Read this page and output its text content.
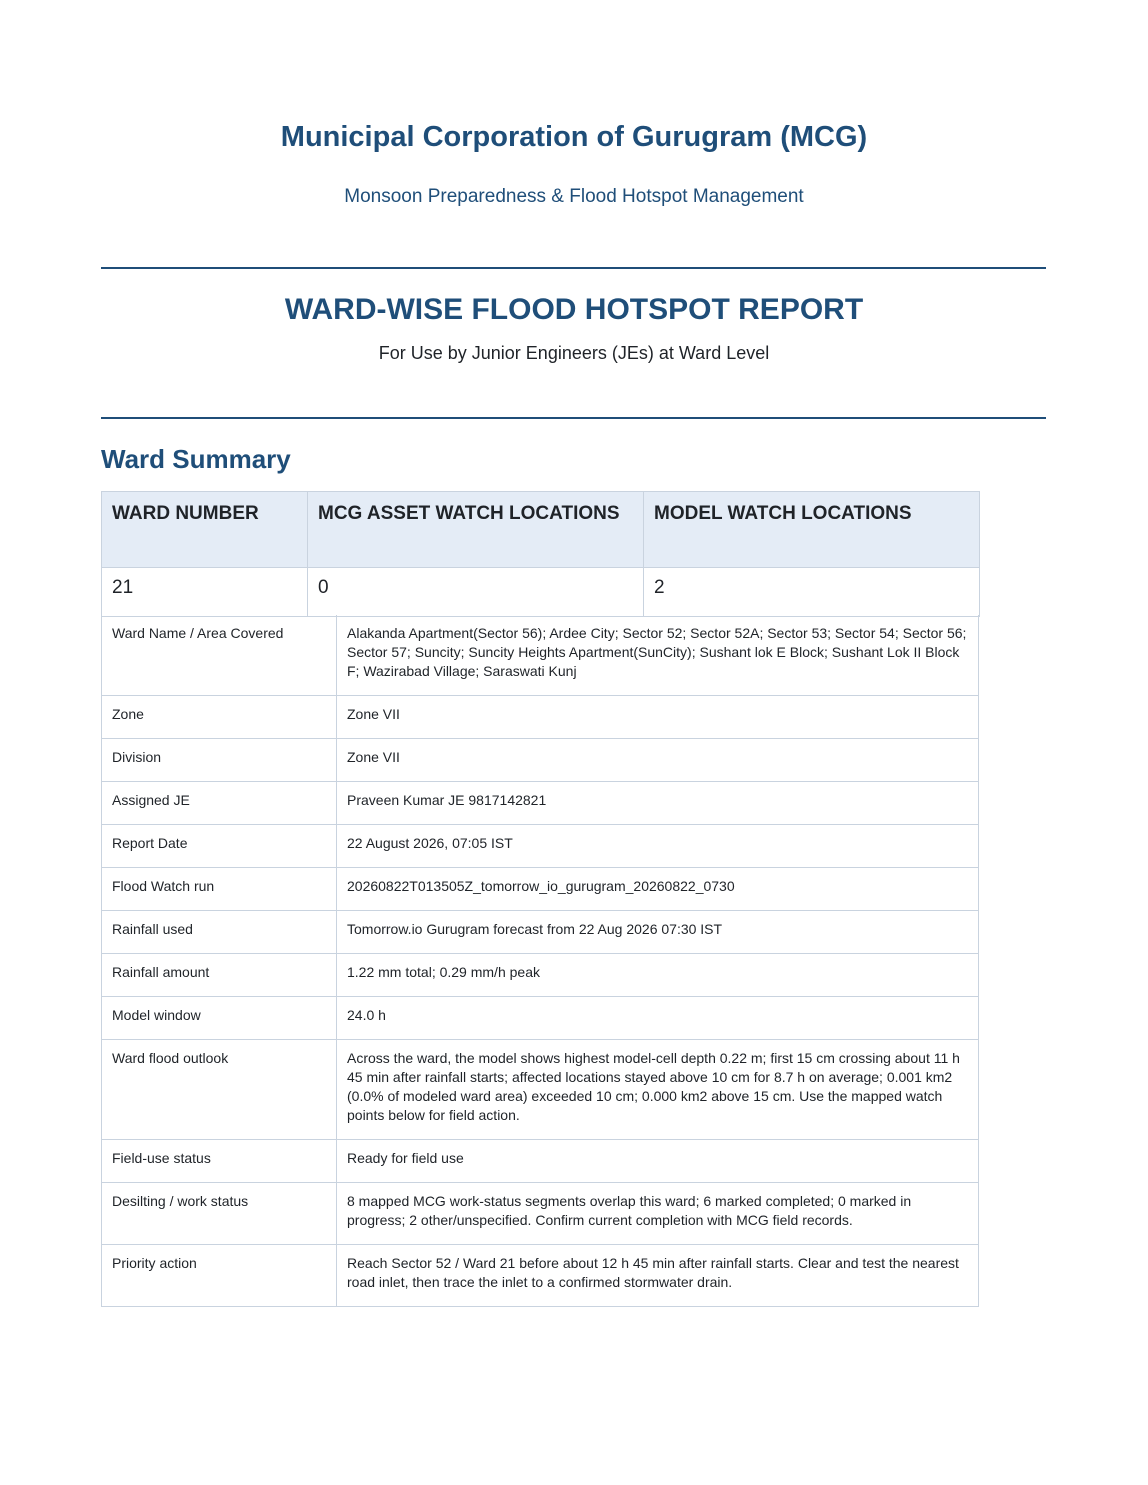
Municipal Corporation of Gurugram (MCG)
Monsoon Preparedness & Flood Hotspot Management
WARD-WISE FLOOD HOTSPOT REPORT
For Use by Junior Engineers (JEs) at Ward Level
Ward Summary
WARD NUMBER	MCG ASSET WATCH LOCATIONS	MODEL WATCH LOCATIONS
21	0	2
Ward Name / Area Covered	Alakanda Apartment(Sector 56); Ardee City; Sector 52; Sector 52A; Sector 53; Sector 54; Sector 56; Sector 57; Suncity; Suncity Heights Apartment(SunCity); Sushant lok E Block; Sushant Lok II Block F; Wazirabad Village; Saraswati Kunj
Zone	Zone VII
Division	Zone VII
Assigned JE	Praveen Kumar JE 9817142821
Report Date	22 August 2026, 07:05 IST
Flood Watch run	20260822T013505Z_tomorrow_io_gurugram_20260822_0730
Rainfall used	Tomorrow.io Gurugram forecast from 22 Aug 2026 07:30 IST
Rainfall amount	1.22 mm total; 0.29 mm/h peak
Model window	24.0 h
Ward flood outlook	Across the ward, the model shows highest model-cell depth 0.22 m; first 15 cm crossing about 11 h 45 min after rainfall starts; affected locations stayed above 10 cm for 8.7 h on average; 0.001 km2 (0.0% of modeled ward area) exceeded 10 cm; 0.000 km2 above 15 cm. Use the mapped watch points below for field action.
Field-use status	Ready for field use
Desilting / work status	8 mapped MCG work-status segments overlap this ward; 6 marked completed; 0 marked in progress; 2 other/unspecified. Confirm current completion with MCG field records.
Priority action	Reach Sector 52 / Ward 21 before about 12 h 45 min after rainfall starts. Clear and test the nearest road inlet, then trace the inlet to a confirmed stormwater drain.
